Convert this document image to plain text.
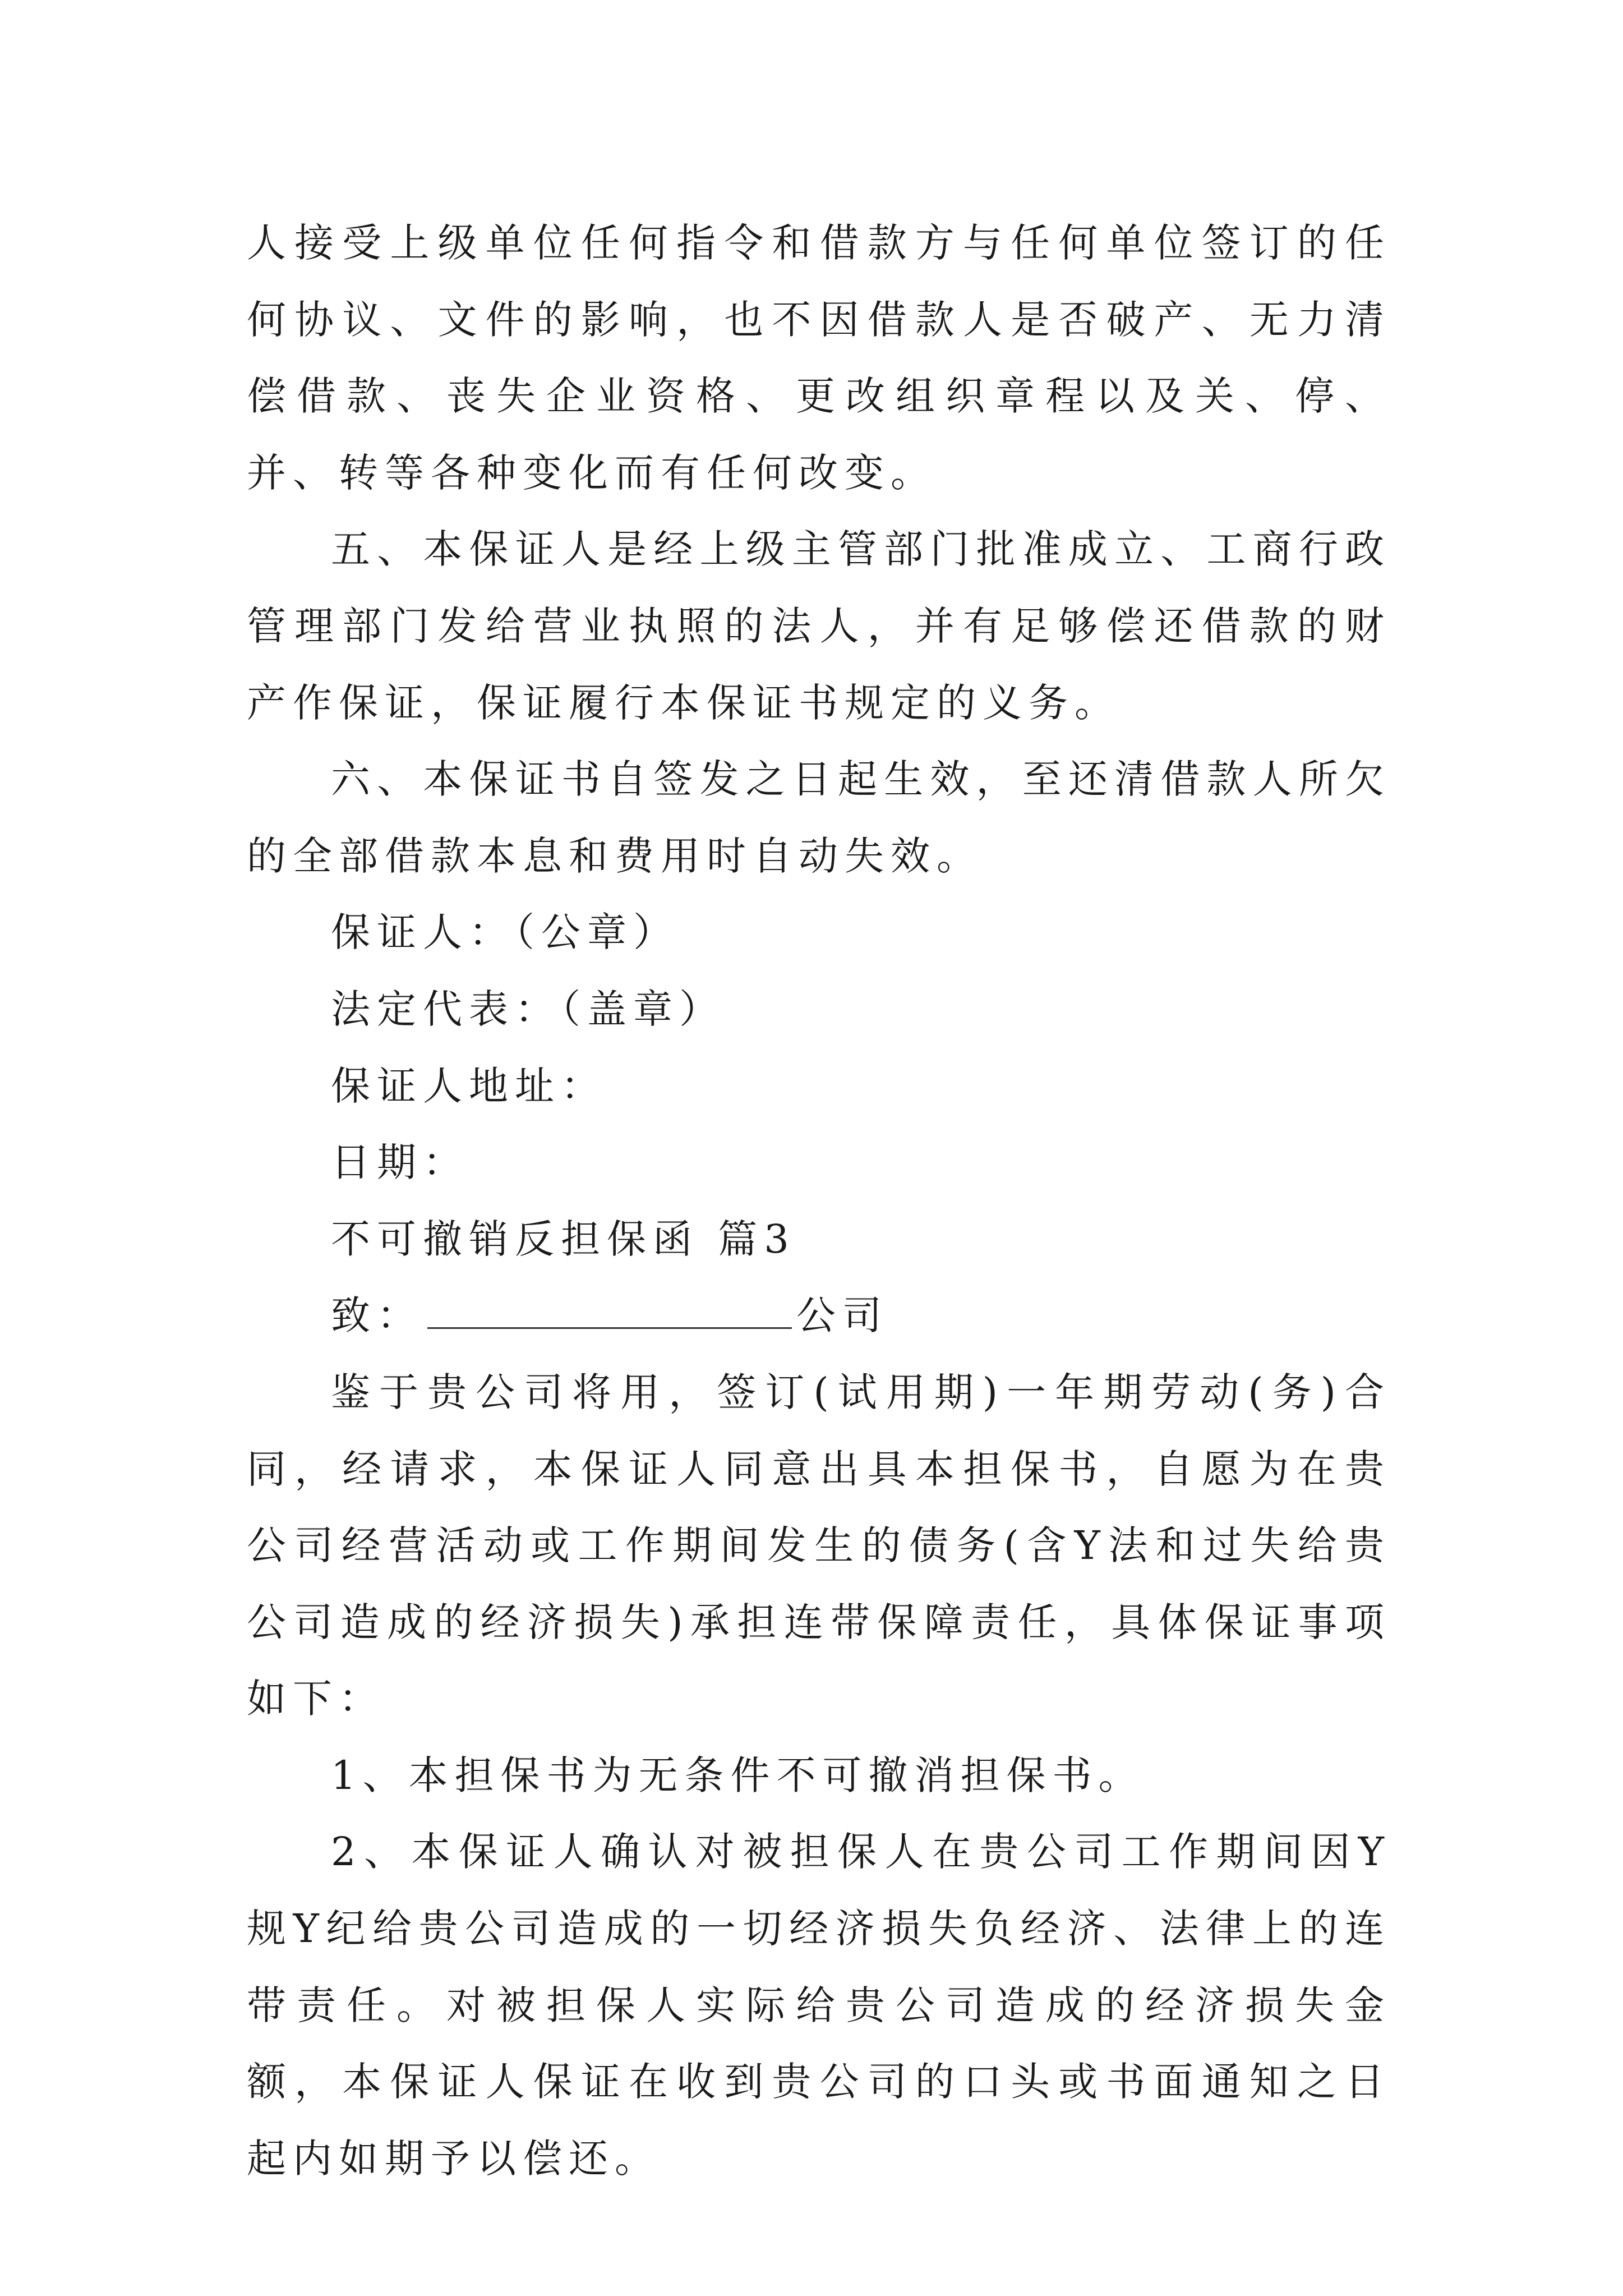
人接受上级单位任何指令和借款方与任何单位签订的任何协议、文件的影响，也不因借款人是否破产、无力清偿借款、丧失企业资格、更改组织章程以及关、停、并、转等各种变化而有任何改变。

五、本保证人是经上级主管部门批准成立、工商行政管理部门发给营业执照的法人，并有足够偿还借款的财产作保证，保证履行本保证书规定的义务。

六、本保证书自签发之日起生效，至还清借款人所欠的全部借款本息和费用时自动失效。

保证人：（公章）

法定代表：（盖章）

保证人地址：

日期：

不可撤销反担保函 篇3

致：	公司

鉴于贵公司将用，签订(试用期)一年期劳动(务)合同，经请求，本保证人同意出具本担保书，自愿为在贵公司经营活动或工作期间发生的债务(含Y法和过失给贵公司造成的经济损失)承担连带保障责任，具体保证事项如下：

1、本担保书为无条件不可撤消担保书。

2、本保证人确认对被担保人在贵公司工作期间因Y规Y纪给贵公司造成的一切经济损失负经济、法律上的连带责任。对被担保人实际给贵公司造成的经济损失金额，本保证人保证在收到贵公司的口头或书面通知之日起内如期予以偿还。
